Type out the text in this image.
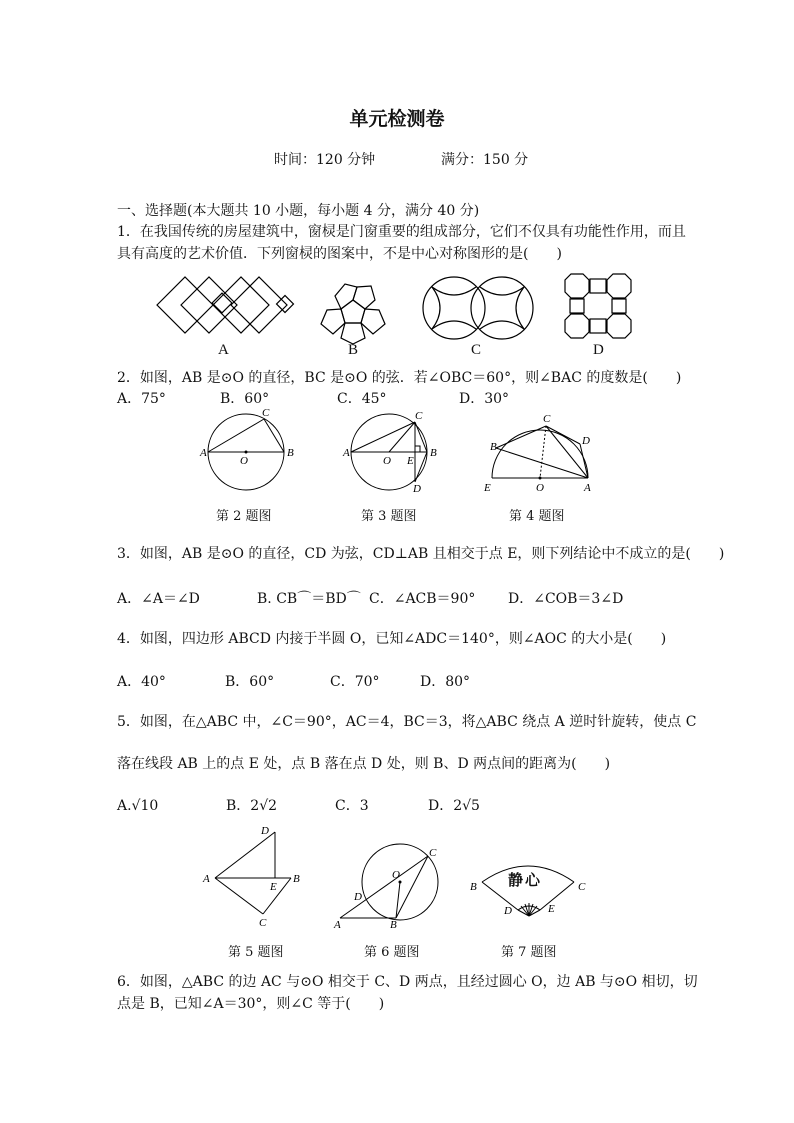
单元检测卷
时间：120 分钟	满分：150 分
一、选择题(本大题共 10 小题，每小题 4 分，满分 40 分)
1．在我国传统的房屋建筑中，窗棂是门窗重要的组成部分，它们不仅具有功能性作用，而且
具有高度的艺术价值．下列窗棂的图案中，不是中心对称图形的是(　　)
A	B	C	D
2．如图，AB 是⊙O 的直径，BC 是⊙O 的弦．若∠OBC＝60°，则∠BAC 的度数是(　　)
A．75°	B．60°	C．45°	D．30°
A	B
C
O
第 2 题图
A	B
C
O E
D
第 3 题图
E
B
C
D
O	A
第 4 题图
3．如图，AB 是⊙O 的直径，CD 为弦，CD⊥AB 且相交于点 E，则下列结论中不成立的是(　　)
A．∠A＝∠D	B. CB⌒＝BD⌒ C．∠ACB＝90° D．∠COB＝3∠D
4．如图，四边形 ABCD 内接于半圆 O，已知∠ADC＝140°，则∠AOC 的大小是(　　)
A．40°	B．60°	C．70°	D．80°
5．如图，在△ABC 中，∠C＝90°，AC＝4，BC＝3，将△ABC 绕点 A 逆时针旋转，使点 C
落在线段 AB 上的点 E 处，点 B 落在点 D 处，则 B、D 两点间的距离为(　　)
A.√10	B．2√2	C．3	D．2√5
A
D
E
B
C
第 5 题图
A	B
C
D
O
第 6 题图
B	C
D	E
静心
第 7 题图
6．如图，△ABC 的边 AC 与⊙O 相交于 C、D 两点，且经过圆心 O，边 AB 与⊙O 相切，切
点是 B，已知∠A＝30°，则∠C 等于(　　)
